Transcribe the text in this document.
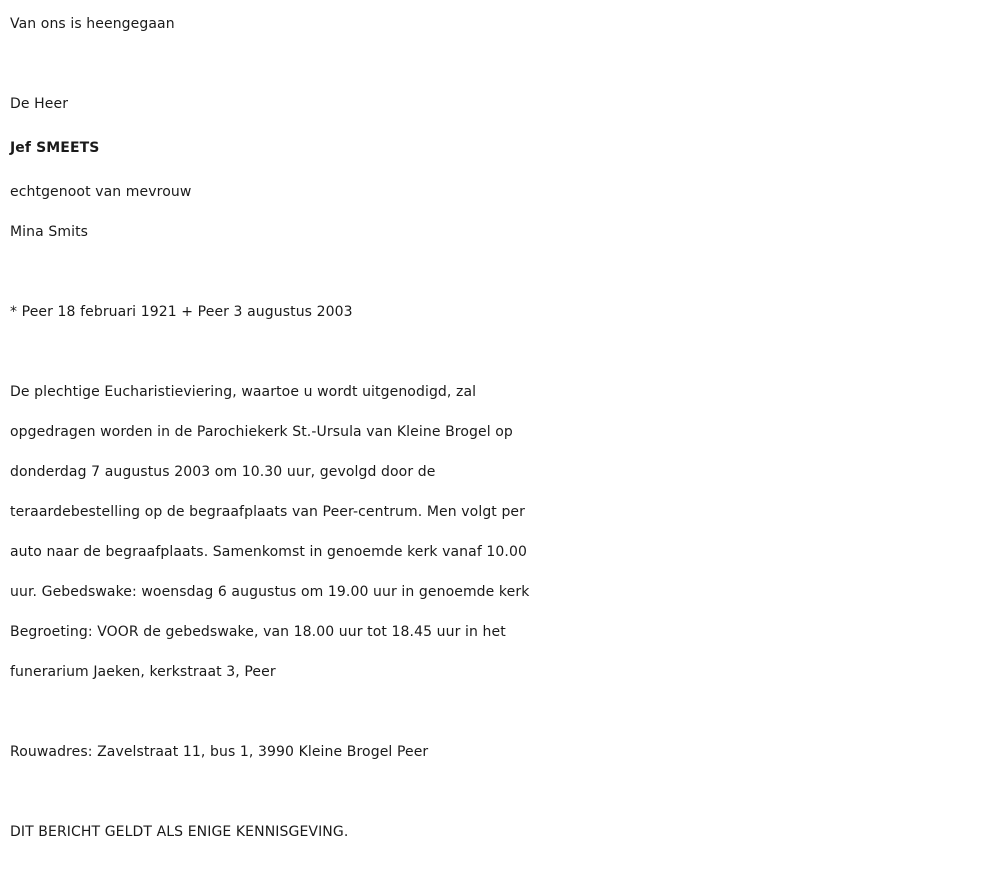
Van ons is heengegaan
De Heer
Jef SMEETS
echtgenoot van mevrouw
Mina Smits
* Peer 18 februari 1921 + Peer 3 augustus 2003
De plechtige Eucharistieviering, waartoe u wordt uitgenodigd, zal
opgedragen worden in de Parochiekerk St.-Ursula van Kleine Brogel op
donderdag 7 augustus 2003 om 10.30 uur, gevolgd door de
teraardebestelling op de begraafplaats van Peer-centrum. Men volgt per
auto naar de begraafplaats. Samenkomst in genoemde kerk vanaf 10.00
uur. Gebedswake: woensdag 6 augustus om 19.00 uur in genoemde kerk
Begroeting: VOOR de gebedswake, van 18.00 uur tot 18.45 uur in het
funerarium Jaeken, kerkstraat 3, Peer
Rouwadres: Zavelstraat 11, bus 1, 3990 Kleine Brogel Peer
DIT BERICHT GELDT ALS ENIGE KENNISGEVING.
